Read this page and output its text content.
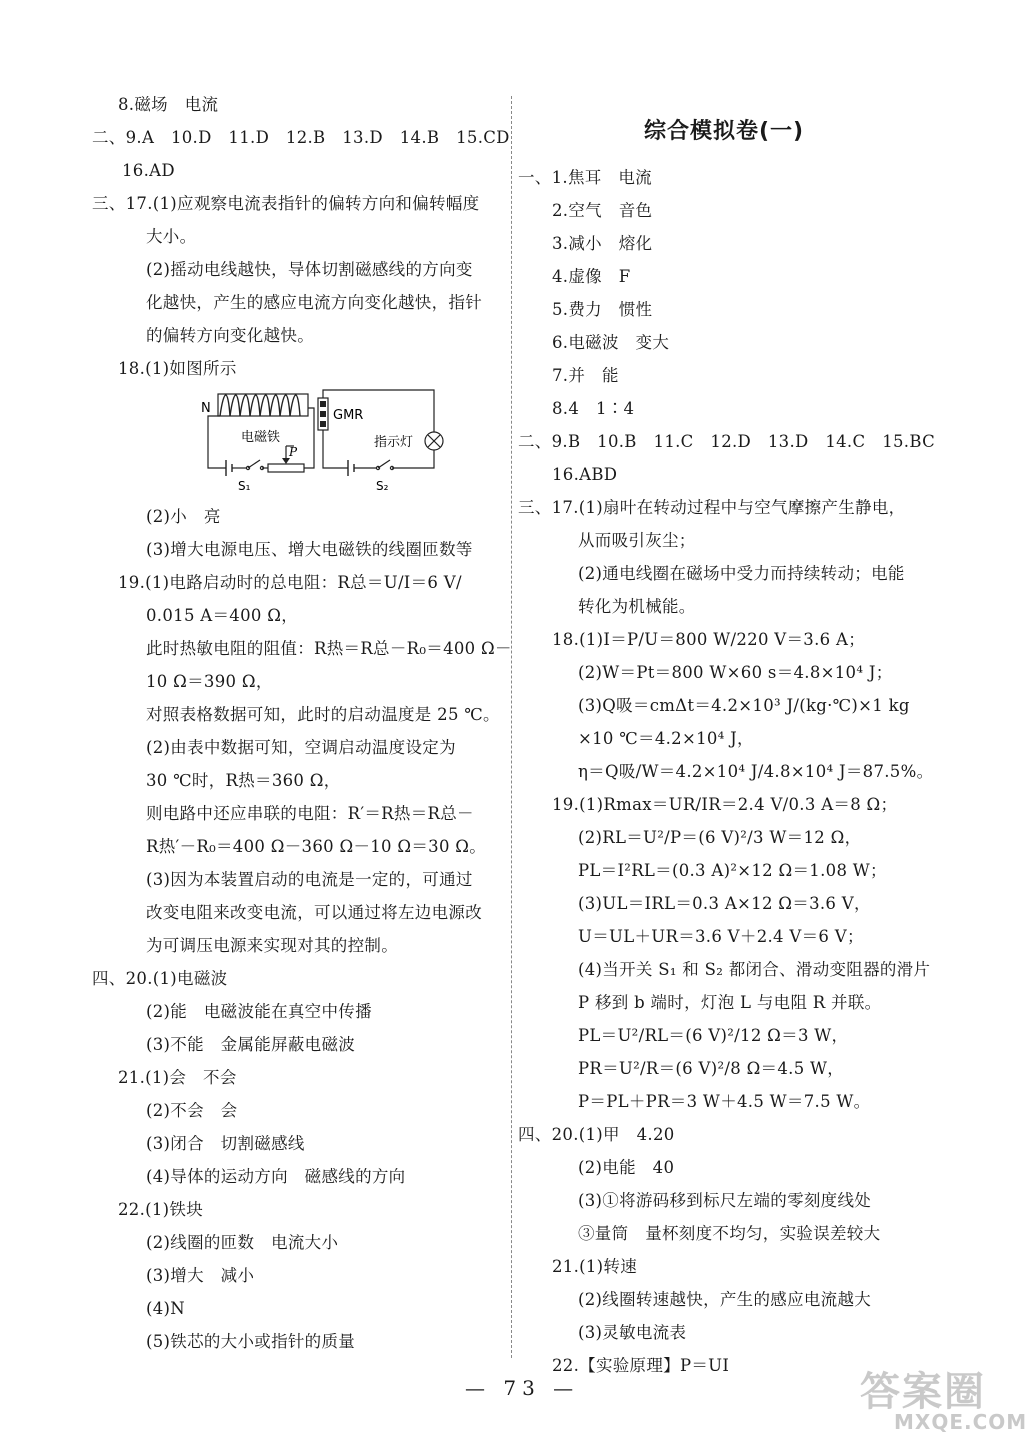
8.磁场　电流
二、9.A　10.D　11.D　12.B　13.D　14.B　15.CD
16.AD
三、17.(1)应观察电流表指针的偏转方向和偏转幅度
大小。
(2)摇动电线越快，导体切割磁感线的方向变
化越快，产生的感应电流方向变化越快，指针
的偏转方向变化越快。
18.(1)如图所示
(2)小　亮
(3)增大电源电压、增大电磁铁的线圈匝数等
19.(1)电路启动时的总电阻：R总＝U/I＝6 V/
0.015 A＝400 Ω，
此时热敏电阻的阻值：R热＝R总－R₀＝400 Ω－
10 Ω＝390 Ω，
对照表格数据可知，此时的启动温度是 25 ℃。
(2)由表中数据可知，空调启动温度设定为
30 ℃时，R热＝360 Ω，
则电路中还应串联的电阻：R′＝R热＝R总－
R热′－R₀＝400 Ω－360 Ω－10 Ω＝30 Ω。
(3)因为本装置启动的电流是一定的，可通过
改变电阻来改变电流，可以通过将左边电源改
为可调压电源来实现对其的控制。
四、20.(1)电磁波
(2)能　电磁波能在真空中传播
(3)不能　金属能屏蔽电磁波
21.(1)会　不会
(2)不会　会
(3)闭合　切割磁感线
(4)导体的运动方向　磁感线的方向
22.(1)铁块
(2)线圈的匝数　电流大小
(3)增大　减小
(4)N
(5)铁芯的大小或指针的质量
综合模拟卷(一)
一、1.焦耳　电流
2.空气　音色
3.减小　熔化
4.虚像　F
5.费力　惯性
6.电磁波　变大
7.并　能
8.4　1∶4
二、9.B　10.B　11.C　12.D　13.D　14.C　15.BC
16.ABD
三、17.(1)扇叶在转动过程中与空气摩擦产生静电，
从而吸引灰尘；
(2)通电线圈在磁场中受力而持续转动；电能
转化为机械能。
18.(1)I＝P/U＝800 W/220 V＝3.6 A；
(2)W＝Pt＝800 W×60 s＝4.8×10⁴ J；
(3)Q吸＝cmΔt＝4.2×10³ J/(kg·℃)×1 kg
×10 ℃＝4.2×10⁴ J，
η＝Q吸/W＝4.2×10⁴ J/4.8×10⁴ J＝87.5%。
19.(1)Rmax＝UR/IR＝2.4 V/0.3 A＝8 Ω；
(2)RL＝U²/P＝(6 V)²/3 W＝12 Ω，
PL＝I²RL＝(0.3 A)²×12 Ω＝1.08 W；
(3)UL＝IRL＝0.3 A×12 Ω＝3.6 V，
U＝UL＋UR＝3.6 V＋2.4 V＝6 V；
(4)当开关 S₁ 和 S₂ 都闭合、滑动变阻器的滑片
P 移到 b 端时，灯泡 L 与电阻 R 并联。
PL＝U²/RL＝(6 V)²/12 Ω＝3 W，
PR＝U²/R＝(6 V)²/8 Ω＝4.5 W，
P＝PL＋PR＝3 W＋4.5 W＝7.5 W。
四、20.(1)甲　4.20
(2)电能　40
(3)①将游码移到标尺左端的零刻度线处
③量筒　量杯刻度不均匀，实验误差较大
21.(1)转速
(2)线圈转速越快，产生的感应电流越大
(3)灵敏电流表
22.【实验原理】P＝UI
N
电磁铁
S₁
P
GMR
S₂
指示灯
— 73 —	答案圈
MXQE.COM
